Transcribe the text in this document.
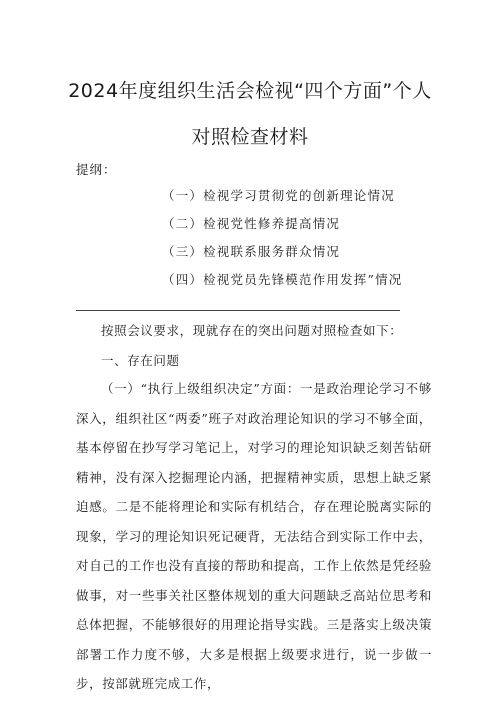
2024年度组织生活会检视“四个方面”个人
对照检查材料
提纲：
（一）检视学习贯彻党的创新理论情况
（二）检视党性修养提高情况
（三）检视联系服务群众情况
（四）检视党员先锋模范作用发挥”情况
按照会议要求，现就存在的突出问题对照检查如下：
一、存在问题
（一）“执行上级组织决定”方面：一是政治理论学习不够深入，组织社区“两委”班子对政治理论知识的学习不够全面，基本停留在抄写学习笔记上，对学习的理论知识缺乏刻苦钻研精神，没有深入挖掘理论内涵，把握精神实质，思想上缺乏紧迫感。二是不能将理论和实际有机结合，存在理论脱离实际的现象，学习的理论知识死记硬背，无法结合到实际工作中去，对自己的工作也没有直接的帮助和提高，工作上依然是凭经验做事，对一些事关社区整体规划的重大问题缺乏高站位思考和总体把握，不能够很好的用理论指导实践。三是落实上级决策部署工作力度不够，大多是根据上级要求进行，说一步做一步，按部就班完成工作，
